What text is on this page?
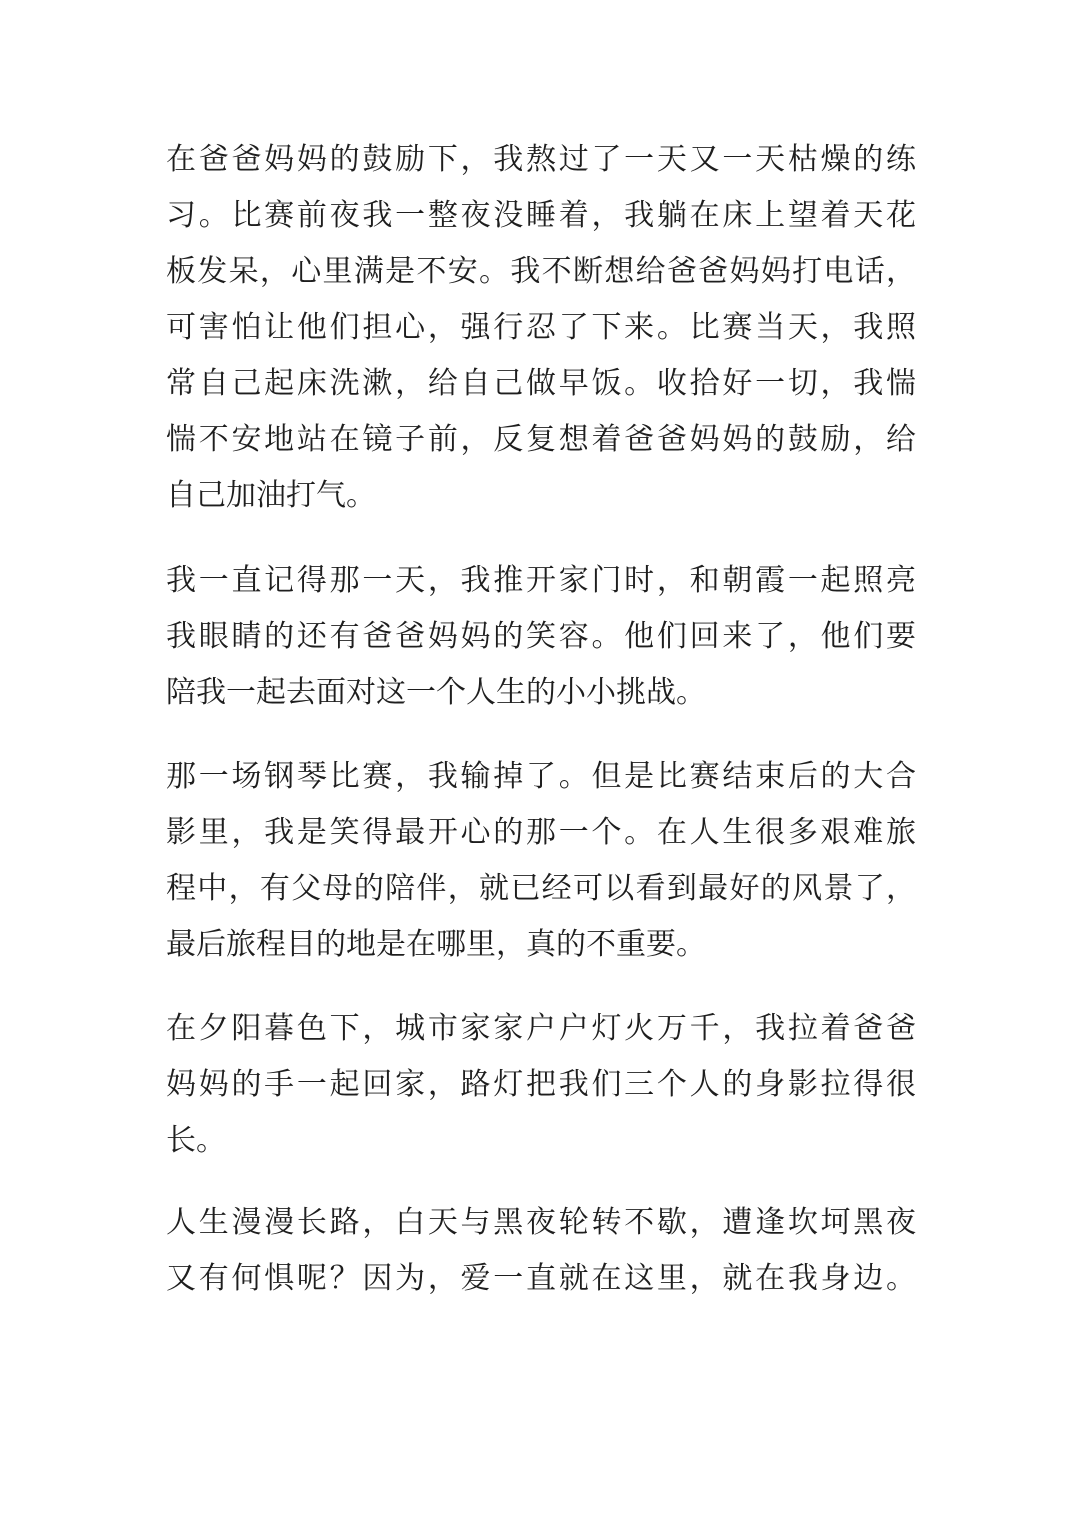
在爸爸妈妈的鼓励下，我熬过了一天又一天枯燥的练
习。比赛前夜我一整夜没睡着，我躺在床上望着天花
板发呆，心里满是不安。我不断想给爸爸妈妈打电话，
可害怕让他们担心，强行忍了下来。比赛当天，我照
常自己起床洗漱，给自己做早饭。收拾好一切，我惴
惴不安地站在镜子前，反复想着爸爸妈妈的鼓励，给
自己加油打气。
我一直记得那一天，我推开家门时，和朝霞一起照亮
我眼睛的还有爸爸妈妈的笑容。他们回来了，他们要
陪我一起去面对这一个人生的小小挑战。
那一场钢琴比赛，我输掉了。但是比赛结束后的大合
影里，我是笑得最开心的那一个。在人生很多艰难旅
程中，有父母的陪伴，就已经可以看到最好的风景了，
最后旅程目的地是在哪里，真的不重要。
在夕阳暮色下，城市家家户户灯火万千，我拉着爸爸
妈妈的手一起回家，路灯把我们三个人的身影拉得很
长。
人生漫漫长路，白天与黑夜轮转不歇，遭逢坎坷黑夜
又有何惧呢？因为，爱一直就在这里，就在我身边。
